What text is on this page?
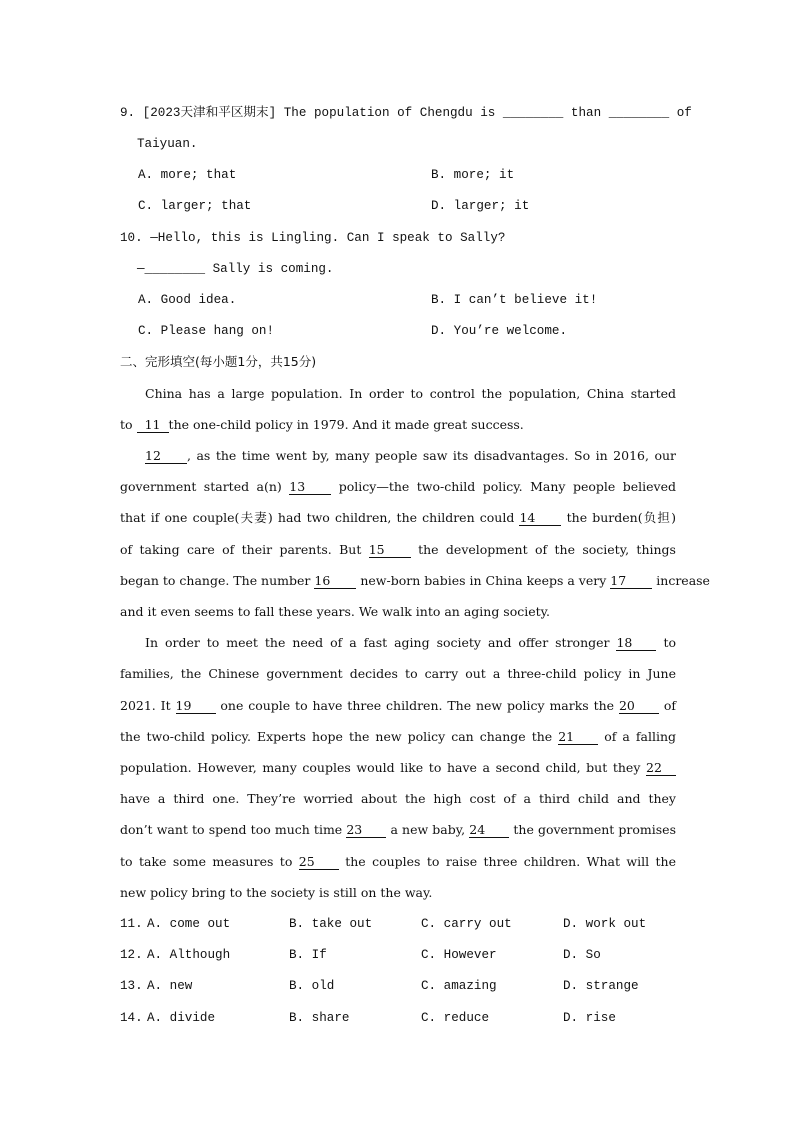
9. [2023天津和平区期末] The population of Chengdu is ________ than ________ of
Taiyuan.
A. more; that	B. more; it
C. larger; that	D. larger; it
10. —Hello, this is Lingling. Can I speak to Sally?
—________ Sally is coming.
A. Good idea.	B. I can’t believe it!
C. Please hang on!	D. You’re welcome.
二、完形填空(每小题1分，共15分)
China has a large population. In order to control the population, China started
to 11 the one-child policy in 1979. And it made great success.
12 , as the time went by, many people saw its disadvantages. So in 2016, our
government started a(n) 13	policy—the two-child policy. Many people believed
that if one couple(夫妻) had two children, the children could 14 the burden(负担)
of taking care of their parents. But 15	the development of the society, things
began to change. The number 16 new-born babies in China keeps a very 17 increase
and it even seems to fall these years. We walk into an aging society.
In order to meet the need of a fast aging society and offer stronger 18 to
families, the Chinese government decides to carry out a three-child policy in June
2021. It 19 one couple to have three children. The new policy marks the 20 of
the two-child policy. Experts hope the new policy can change the 21 of a falling
population. However, many couples would like to have a second child, but they 22
have a third one. They’re worried about the high cost of a third child and they
don’t want to spend too much time 23 a new baby, 24 the government promises
to take some measures to 25 the couples to raise three children. What will the
new policy bring to the society is still on the way.
11. A. come out	B. take out	C. carry out	D. work out
12. A. Although	B. If	C. However	D. So
13. A. new	B. old	C. amazing	D. strange
14. A. divide	B. share	C. reduce	D. rise
